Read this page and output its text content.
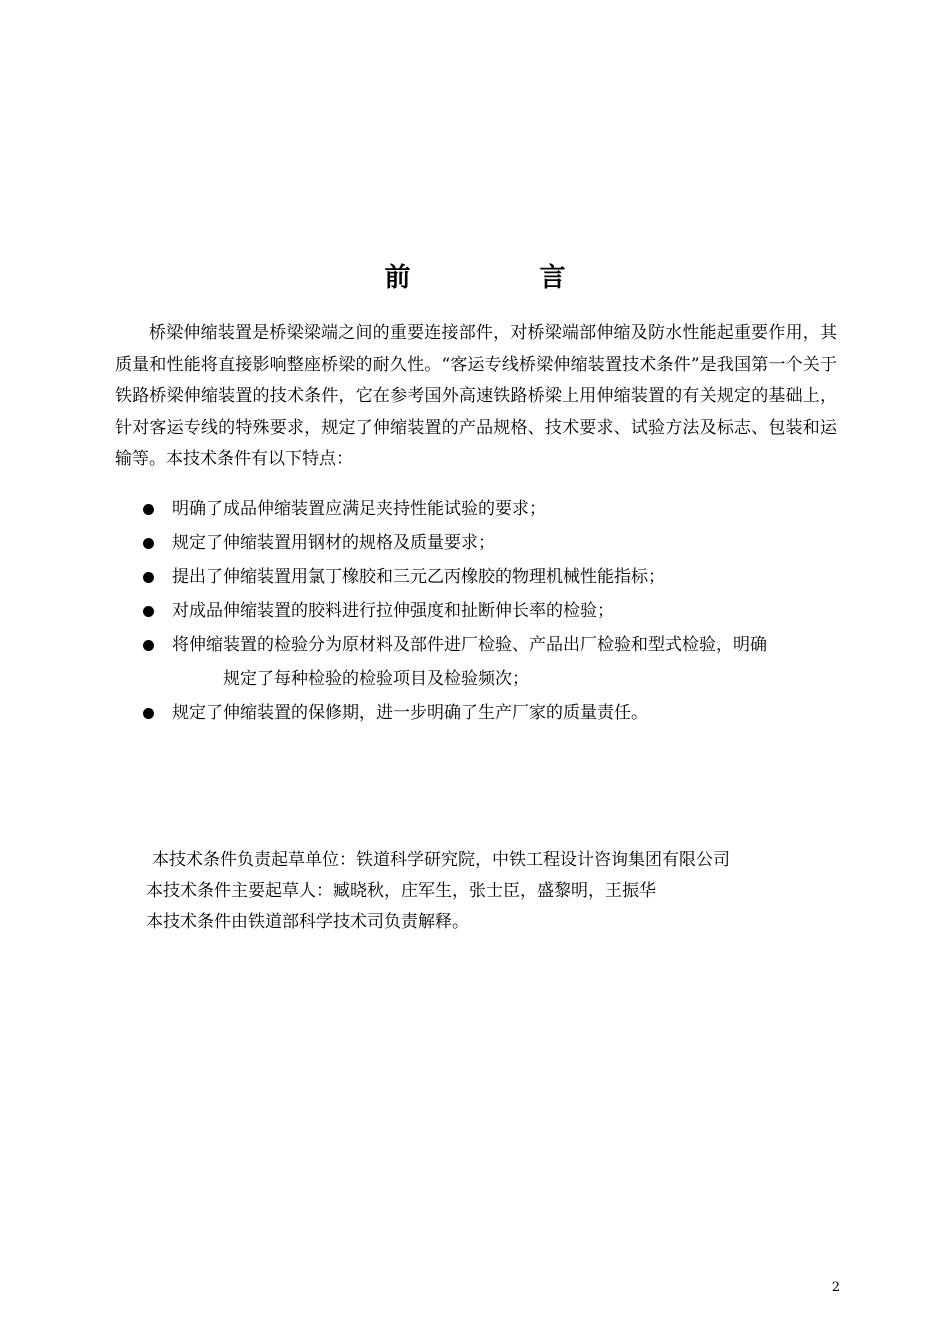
前 言

桥梁伸缩装置是桥梁梁端之间的重要连接部件，对桥梁端部伸缩及防水性能起重要作用，其质量和性能将直接影响整座桥梁的耐久性。“客运专线桥梁伸缩装置技术条件”是我国第一个关于铁路桥梁伸缩装置的技术条件，它在参考国外高速铁路桥梁上用伸缩装置的有关规定的基础上，针对客运专线的特殊要求，规定了伸缩装置的产品规格、技术要求、试验方法及标志、包装和运输等。本技术条件有以下特点：

明确了成品伸缩装置应满足夹持性能试验的要求；
规定了伸缩装置用钢材的规格及质量要求；
提出了伸缩装置用氯丁橡胶和三元乙丙橡胶的物理机械性能指标；
对成品伸缩装置的胶料进行拉伸强度和扯断伸长率的检验；
将伸缩装置的检验分为原材料及部件进厂检验、产品出厂检验和型式检验，明确
规定了每种检验的检验项目及检验频次；
规定了伸缩装置的保修期，进一步明确了生产厂家的质量责任。
本技术条件负责起草单位：铁道科学研究院，中铁工程设计咨询集团有限公司
本技术条件主要起草人：臧晓秋，庄军生，张士臣，盛黎明，王振华
本技术条件由铁道部科学技术司负责解释。
2
